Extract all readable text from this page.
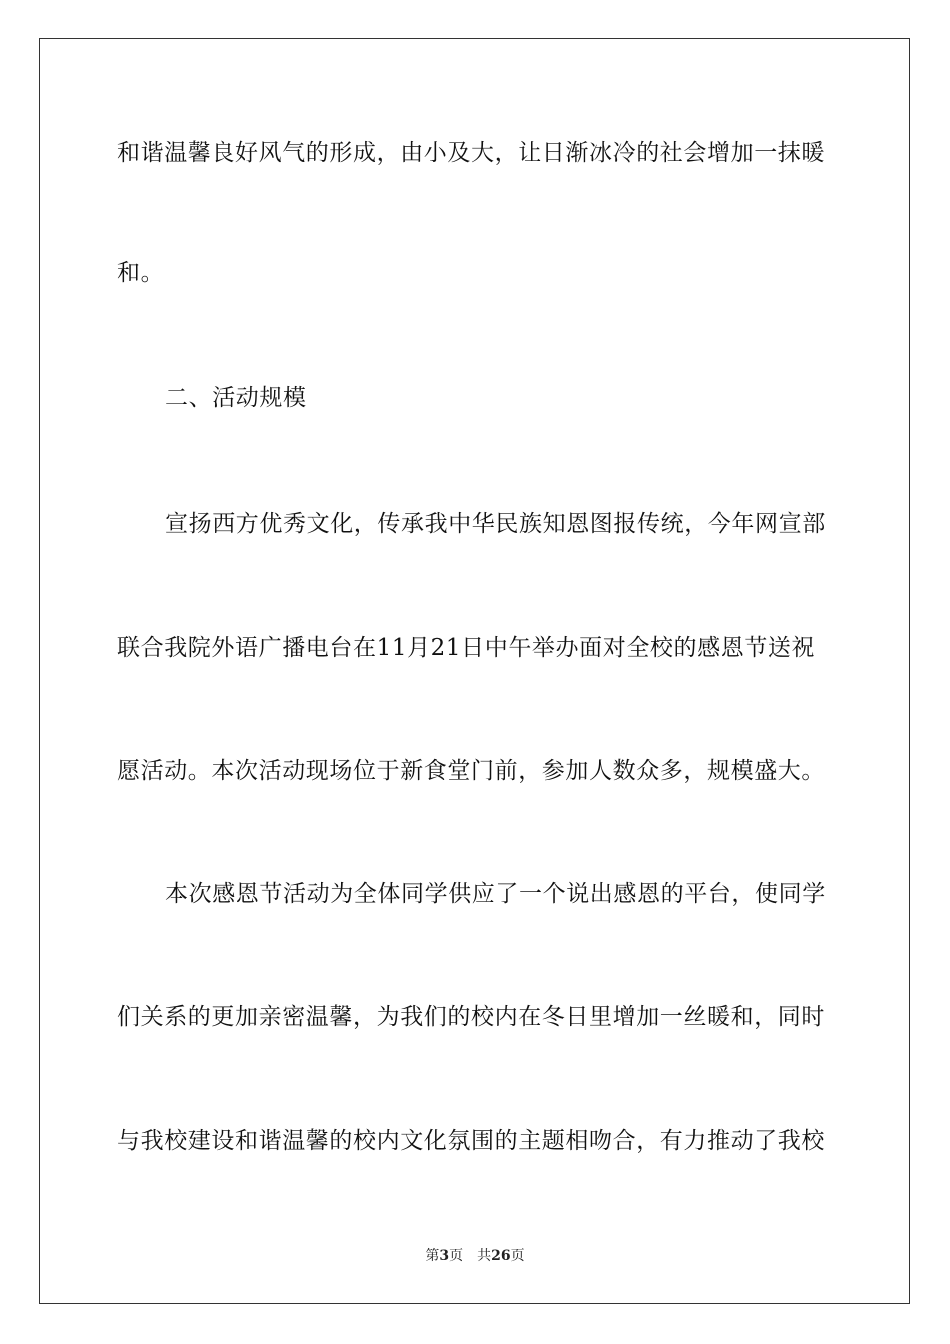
和谐温馨良好风气的形成，由小及大，让日渐冰冷的社会增加一抹暖
和。
二、活动规模
宣扬西方优秀文化，传承我中华民族知恩图报传统，今年网宣部
联合我院外语广播电台在11月21日中午举办面对全校的感恩节送祝
愿活动。本次活动现场位于新食堂门前，参加人数众多，规模盛大。
本次感恩节活动为全体同学供应了一个说出感恩的平台，使同学
们关系的更加亲密温馨，为我们的校内在冬日里增加一丝暖和，同时
与我校建设和谐温馨的校内文化氛围的主题相吻合，有力推动了我校
第3页 共26页
